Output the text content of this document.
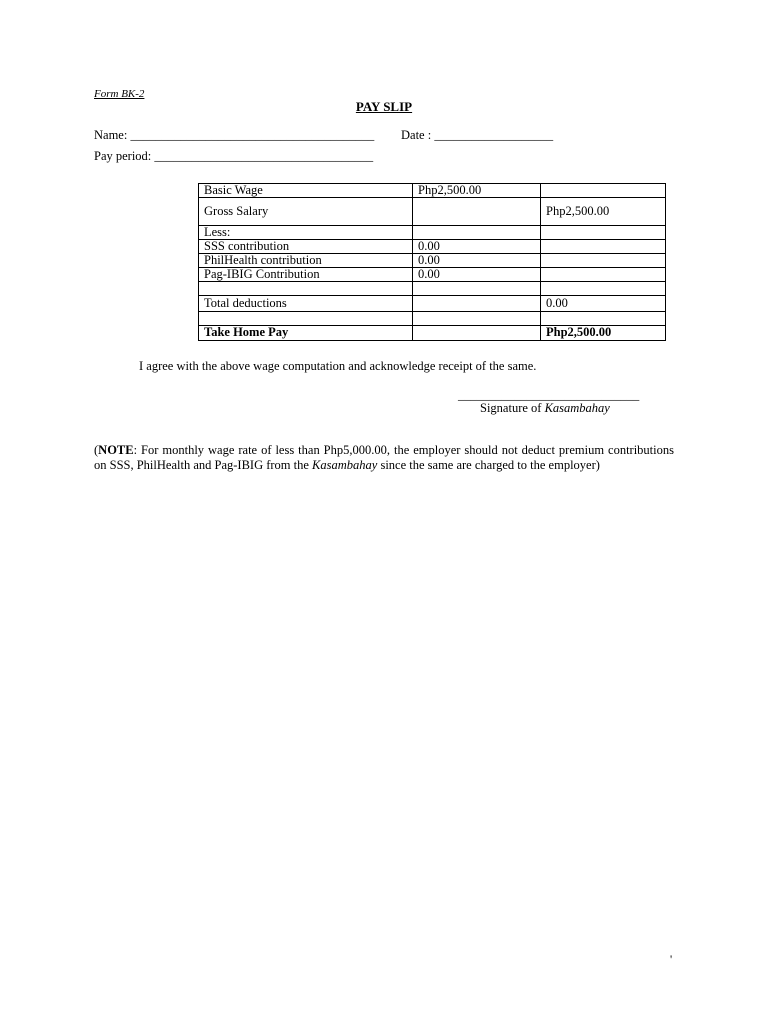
Form BK-2
PAY SLIP
Name: _______________________________________ Date : ___________________
Pay period: ___________________________________
Basic Wage	Php2,500.00	
Gross Salary		Php2,500.00
Less:		
SSS contribution	0.00	
PhilHealth contribution	0.00	
Pag-IBIG Contribution	0.00	

Total deductions		0.00

Take Home Pay		Php2,500.00
I agree with the above wage computation and acknowledge receipt of the same.
_____________________________
Signature of Kasambahay
(NOTE: For monthly wage rate of less than Php5,000.00, the employer should not deduct premium contributions on SSS, PhilHealth and Pag-IBIG from the Kasambahay since the same are charged to the employer)
'
